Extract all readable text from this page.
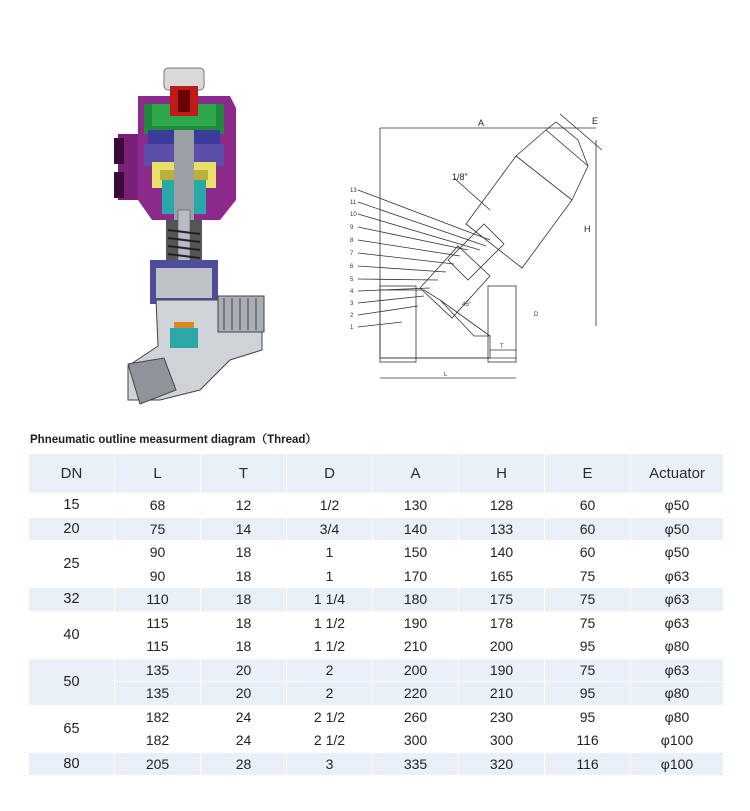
13
11
10
9
8
7
6
5
4
3
2
1
45°
L
T
D
A	E
H
1/8"
Phneumatic outline measurment diagram（Thread）
DN	L	T	D	A	H	E	Actuator
15	68	12	1/2	130	128	60	φ50
20	75	14	3/4	140	133	60	φ50
25	90	18	1	150	140	60	φ50
	90	18	1	170	165	75	φ63
32	110	18	1 1/4	180	175	75	φ63
40	115	18	1 1/2	190	178	75	φ63
	115	18	1 1/2	210	200	95	φ80
50	135	20	2	200	190	75	φ63
	135	20	2	220	210	95	φ80
65	182	24	2 1/2	260	230	95	φ80
	182	24	2 1/2	300	300	116	φ100
80	205	28	3	335	320	116	φ100
